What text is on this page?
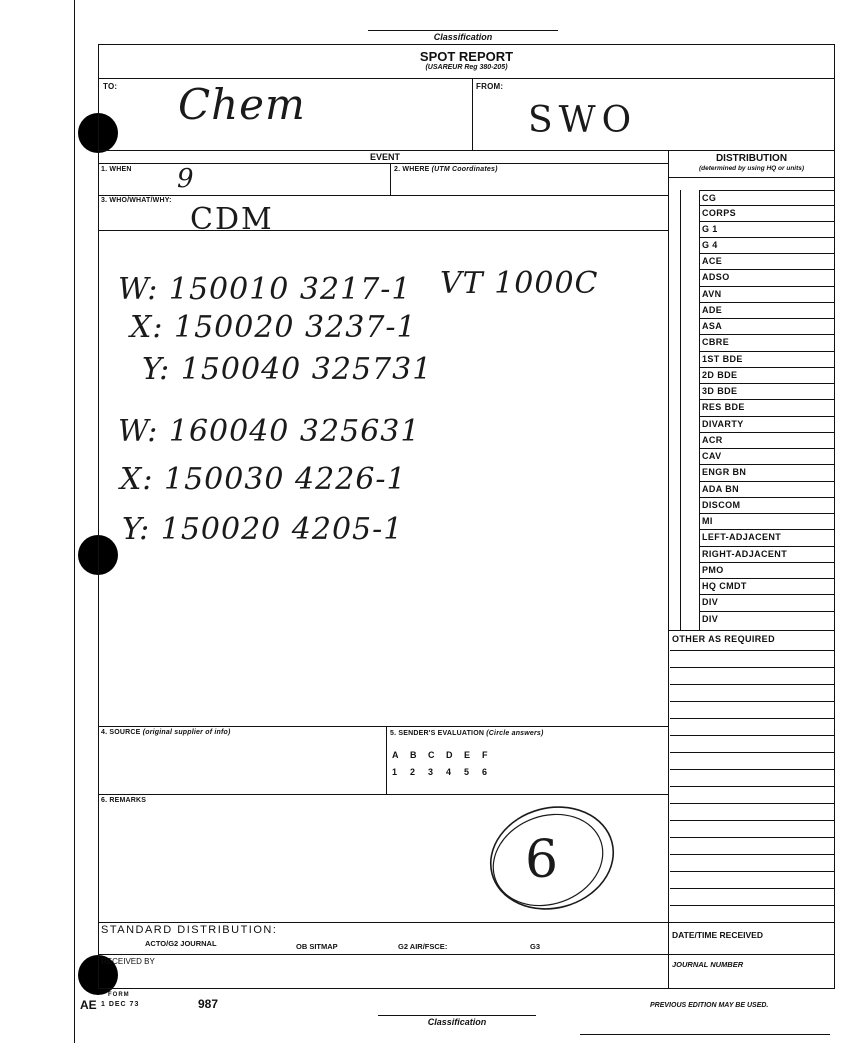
Classification
SPOT REPORT
(USAREUR Reg 380-205)
TO: Chem	FROM:
SWO
EVENT
1. WHEN 9	2. WHERE (UTM Coordinates)
3. WHO/WHAT/WHY:
CDM
W: 150010 3217-1 VT 1000C
X: 150020 3237-1
Y: 150040 325731
W: 160040 325631
X: 150030 4226-1
Y: 150020 4205-1
4. SOURCE (original supplier of info)	5. SENDER'S EVALUATION (Circle answers)
A B C D E F
1 2 3 4 5 6
6. REMARKS
6
STANDARD DISTRIBUTION:
ACTO/G2 JOURNAL	OB SITMAP	G2 AIR/FSCE:	G3
RECEIVED BY
DISTRIBUTION
(determined by using HQ or units)
CG
CORPS
G 1
G 4
ACE
ADSO
AVN
ADE
ASA
CBRE
1ST BDE
2D BDE
3D BDE
RES BDE
DIVARTY
ACR
CAV
ENGR BN
ADA BN
DISCOM
MI
LEFT-ADJACENT
RIGHT-ADJACENT
PMO
HQ CMDT
DIV
DIV
OTHER AS REQUIRED
DATE/TIME RECEIVED
JOURNAL NUMBER
AE
FORM
1 DEC 73	987	PREVIOUS EDITION MAY BE USED.
Classification
